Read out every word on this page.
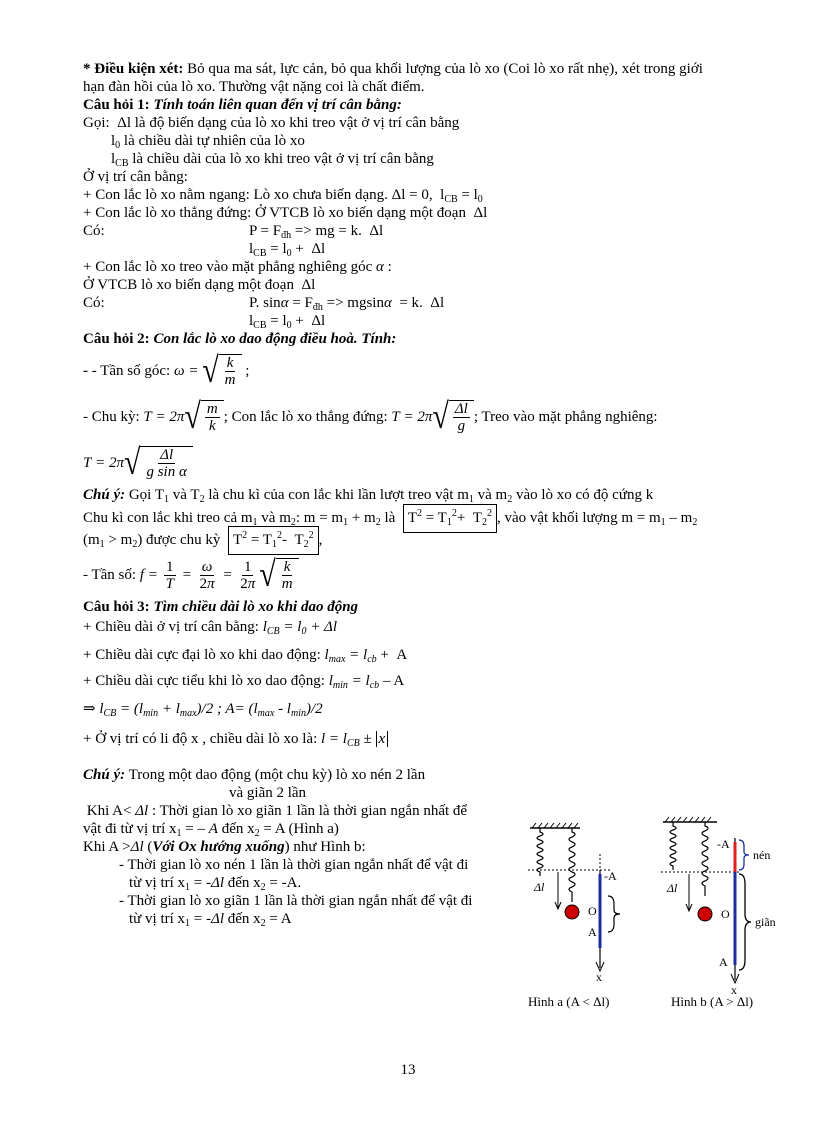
* Điều kiện xét: Bỏ qua ma sát, lực cản, bỏ qua khối lượng của lò xo (Coi lò xo rất nhẹ), xét trong giới
hạn đàn hồi của lò xo. Thường vật nặng coi là chất điểm.
Câu hỏi 1: Tính toán liên quan đến vị trí cân bằng:
Gọi:  Δl là độ biến dạng của lò xo khi treo vật ở vị trí cân bằng
$l_0$ là chiều dài tự nhiên của lò xo
$l_{CB}$ là chiều dài của lò xo khi treo vật ở vị trí cân bằng
Ở vị trí cân bằng:
+ Con lắc lò xo nằm ngang: Lò xo chưa biến dạng. Δl = 0,  $l_{CB} = l_0$
+ Con lắc lò xo thẳng đứng: Ở VTCB lò xo biến dạng một đoạn  Δl
Có:	$P = F_{đh}$ => mg = k.  Δl
$l_{CB} = l_0 + \Delta l$
+ Con lắc lò xo treo vào mặt phẳng nghiêng góc α :
Ở VTCB lò xo biến dạng một đoạn  Δl
Có:	P. $\sin\alpha = F_{đh} => mgsin\alpha = k$.  Δl
$l_{CB} = l_0 + \Delta l$
Câu hỏi 2: Con lắc lò xo dao động điều hoà. Tính:
-
- Tần số góc:
ω = √ $\frac{k}{m}$ ;
- Chu kỳ:
T = 2 π √ $\frac{m}{k}$ ; Con lắc lò xo thẳng đứng:
T = 2 π √ $\frac{\Delta l}{g}$ ; Treo vào mặt phẳng nghiêng:
T = 2 π √ $\frac{\Delta l}{\text{g sin α}}$
Chú ý: Gọi $T_1$ và $T_2$ là chu kì của con lắc khi lần lượt treo vật $m_1$ và $m_2$ vào lò xo có độ cứng k
Chu kì con lắc khi treo cả $m_1$ và $m_2$: $m = m_1 + m_2$ là $T^2 = T_1^2+ T_2^2$ , vào vật khối lượng $m = m_1 - m_2$
$(m_1 > m_2)$ được chu kỳ $T^2 = T_1^2-$  $T_2^2$ ,
- Tần số:
$f = \frac{1}{T} = \frac{\omega}{2\pi} = \frac{1}{2\pi}$ √ $\frac{k}{m}$
Câu hỏi 3: Tìm chiều dài lò xo khi dao động
+ Chiều dài ở vị trí cân bằng: $l_{CB} = l_0 + \Delta l$
+ Chiều dài cực đại lò xo khi dao động: $l_{max} = l_{cb} + A$
+ Chiều dài cực tiểu khi lò xo dao động: $l_{min} = l_{cb} - A$
⇒ $l_{CB} = (l_{min} + l_{max})/2$ ; $A= (l_{max} - l_{min})/2$
+ Ở vị trí có li độ x , chiều dài lò xo là: $l = l_{CB} \pm x$
Chú ý: Trong một dao động (một chu kỳ) lò xo nén 2 lần
và giãn 2 lần
Khi A< Δl : Thời gian lò xo giãn 1 lần là thời gian ngắn nhất để
vật đi từ vị trí $x_1$ = – A đến $x_2 = A$ (Hình a)
Khi A >Δl (Với Ox hướng xuống) như Hình b:
- Thời gian lò xo nén 1 lần là thời gian ngắn nhất để vật đi
từ vị trí $x_1 = -\Delta l$ đến $x_2 = -A$.
- Thời gian lò xo giãn 1 lần là thời gian ngắn nhất để vật đi
từ vị trí $x_1 = -\Delta l$ đến $x_2 = A$
Δl
-A
O
A
x
Hình a (A < Δl)
Δl
-A
O
A
nén
giãn
x
Hình b (A > Δl)
13
